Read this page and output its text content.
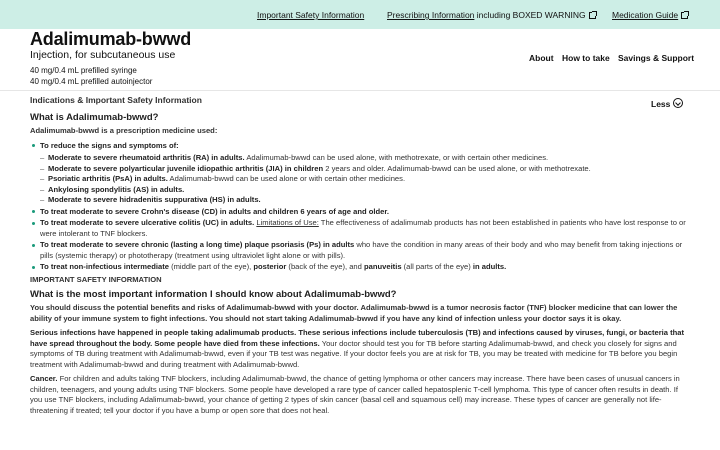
Important Safety Information	Prescribing Information including BOXED WARNING	Medication Guide
Adalimumab-bwwd
Injection, for subcutaneous use
40 mg/0.4 mL prefilled syringe
40 mg/0.4 mL prefilled autoinjector
About How to take Savings & Support
Indications & Important Safety Information	Less

What is Adalimumab-bwwd?

Adalimumab-bwwd is a prescription medicine used:

To reduce the signs and symptoms of:
– Moderate to severe rheumatoid arthritis (RA) in adults. Adalimumab-bwwd can be used alone, with methotrexate, or with certain other medicines.
– Moderate to severe polyarticular juvenile idiopathic arthritis (JIA) in children 2 years and older. Adalimumab-bwwd can be used alone, or with methotrexate.
– Psoriatic arthritis (PsA) in adults. Adalimumab-bwwd can be used alone or with certain other medicines.
– Ankylosing spondylitis (AS) in adults.
– Moderate to severe hidradenitis suppurativa (HS) in adults.
To treat moderate to severe Crohn's disease (CD) in adults and children 6 years of age and older.
To treat moderate to severe ulcerative colitis (UC) in adults. Limitations of Use: The effectiveness of adalimumab products has not been established in patients who have lost response to or were intolerant to TNF blockers.
To treat moderate to severe chronic (lasting a long time) plaque psoriasis (Ps) in adults who have the condition in many areas of their body and who may benefit from taking injections or pills (systemic therapy) or phototherapy (treatment using ultraviolet light alone or with pills).
To treat non-infectious intermediate (middle part of the eye), posterior (back of the eye), and panuveitis (all parts of the eye) in adults.

IMPORTANT SAFETY INFORMATION

What is the most important information I should know about Adalimumab-bwwd?

You should discuss the potential benefits and risks of Adalimumab-bwwd with your doctor. Adalimumab-bwwd is a tumor necrosis factor (TNF) blocker medicine that can lower the ability of your immune system to fight infections. You should not start taking Adalimumab-bwwd if you have any kind of infection unless your doctor says it is okay.

Serious infections have happened in people taking adalimumab products. These serious infections include tuberculosis (TB) and infections caused by viruses, fungi, or bacteria that have spread throughout the body. Some people have died from these infections. Your doctor should test you for TB before starting Adalimumab-bwwd, and check you closely for signs and symptoms of TB during treatment with Adalimumab-bwwd, even if your TB test was negative. If your doctor feels you are at risk for TB, you may be treated with medicine for TB before you begin treatment with Adalimumab-bwwd and during treatment with Adalimumab-bwwd.

Cancer. For children and adults taking TNF blockers, including Adalimumab-bwwd, the chance of getting lymphoma or other cancers may increase. There have been cases of unusual cancers in children, teenagers, and young adults using TNF blockers. Some people have developed a rare type of cancer called hepatosplenic T-cell lymphoma. This type of cancer often results in death. If you use TNF blockers, including Adalimumab-bwwd, your chance of getting 2 types of skin cancer (basal cell and squamous cell) may increase. These types of cancer are generally not life-threatening if treated; tell your doctor if you have a bump or open sore that does not heal.
